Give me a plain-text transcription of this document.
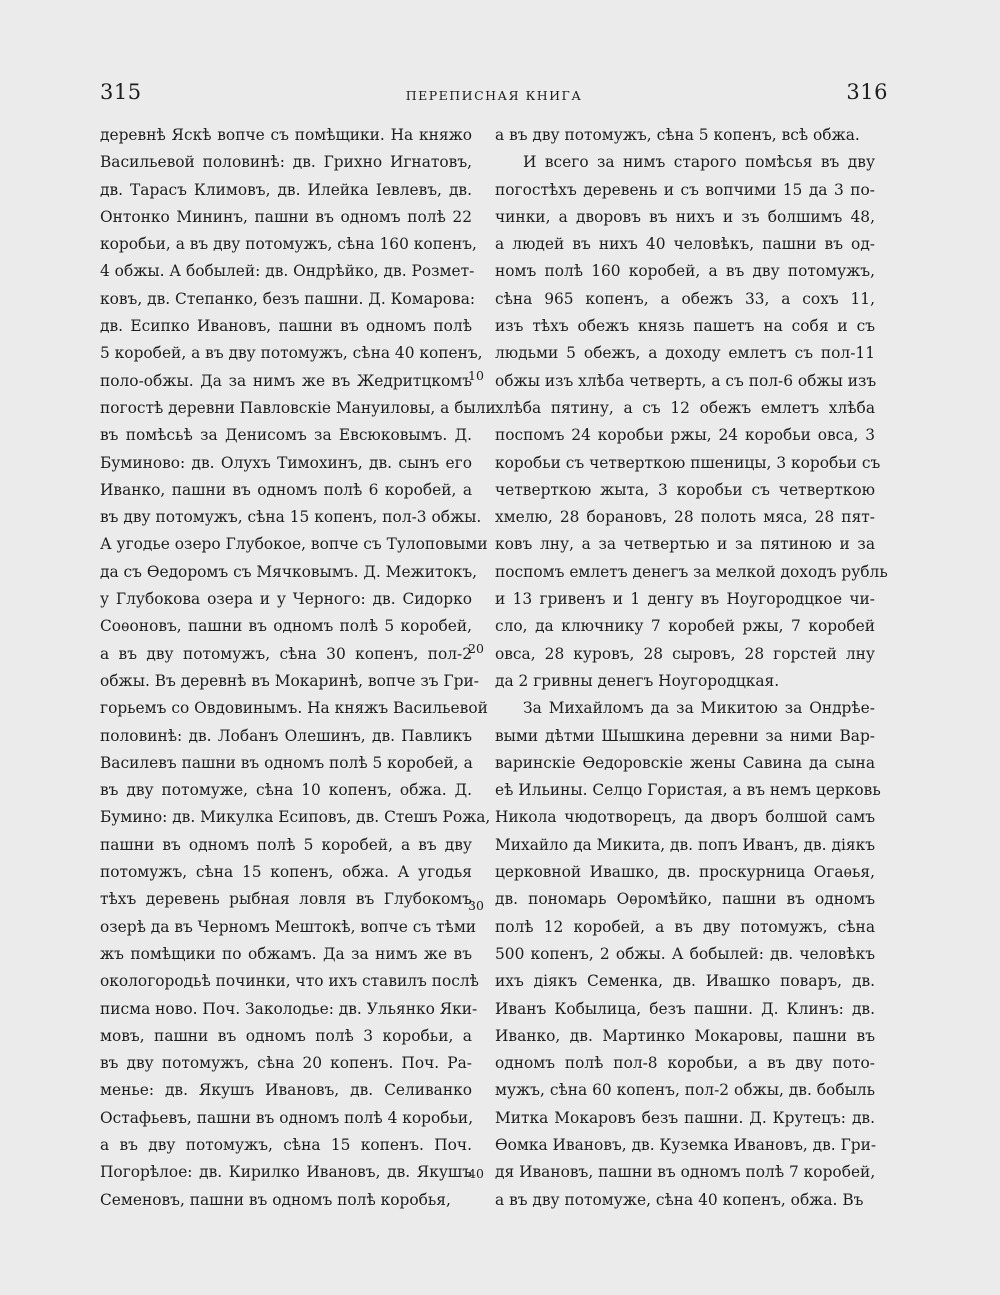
315	ПЕРЕПИСНАЯ КНИГА	316
деревнѣ Яскѣ вопче съ помѣщики. На княжо
Васильевой половинѣ: дв. Грихно Игнатовъ,
дв. Тарасъ Климовъ, дв. Илейка Іевлевъ, дв.
Онтонко Мининъ, пашни въ одномъ полѣ 22
коробьи, а въ дву потомужъ, сѣна 160 копенъ,
4 обжы. А бобылей: дв. Ондрѣйко, дв. Розмет-
ковъ, дв. Степанко, безъ пашни. Д. Комарова:
дв. Есипко Ивановъ, пашни въ одномъ полѣ
5 коробей, а въ дву потомужъ, сѣна 40 копенъ,
поло-обжы. Да за нимъ же въ Жедритцкомъ
погостѣ деревни Павловскіе Мануиловы, а были
въ помѣсьѣ за Денисомъ за Евсюковымъ. Д.
Буминово: дв. Олухъ Тимохинъ, дв. сынъ его
Иванко, пашни въ одномъ полѣ 6 коробей, а
въ дву потомужъ, сѣна 15 копенъ, пол-3 обжы.
А угодье озеро Глубокое, вопче съ Тулоповыми
да съ Ѳедоромъ съ Мячковымъ. Д. Межитокъ,
у Глубокова озера и у Черного: дв. Сидорко
Соѳоновъ, пашни въ одномъ полѣ 5 коробей,
а въ дву потомужъ, сѣна 30 копенъ, пол-2
обжы. Въ деревнѣ въ Мокаринѣ, вопче зъ Гри-
горьемъ со Овдовинымъ. На княжъ Васильевой
половинѣ: дв. Лобанъ Олешинъ, дв. Павликъ
Василевъ пашни въ одномъ полѣ 5 коробей, а
въ дву потомуже, сѣна 10 копенъ, обжа. Д.
Бумино: дв. Микулка Есиповъ, дв. Стешъ Рожа,
пашни въ одномъ полѣ 5 коробей, а въ дву
потомужъ, сѣна 15 копенъ, обжа. А угодья
тѣхъ деревень рыбная ловля въ Глубокомъ
озерѣ да въ Черномъ Мештокѣ, вопче съ тѣми
жъ помѣщики по обжамъ. Да за нимъ же въ
окологородьѣ починки, что ихъ ставилъ послѣ
писма ново. Поч. Заколодье: дв. Ульянко Яки-
мовъ, пашни въ одномъ полѣ 3 коробьи, а
въ дву потомужъ, сѣна 20 копенъ. Поч. Ра-
менье: дв. Якушъ Ивановъ, дв. Селиванко
Остафьевъ, пашни въ одномъ полѣ 4 коробьи,
а въ дву потомужъ, сѣна 15 копенъ. Поч.
Погорѣлое: дв. Кирилко Ивановъ, дв. Якушъ
Семеновъ, пашни въ одномъ полѣ коробья,
а въ дву потомужъ, сѣна 5 копенъ, всѣ обжа.
И всего за нимъ старого помѣсья въ дву
погостѣхъ деревень и съ вопчими 15 да 3 по-
чинки, а дворовъ въ нихъ и зъ болшимъ 48,
а людей въ нихъ 40 человѣкъ, пашни въ од-
номъ полѣ 160 коробей, а въ дву потомужъ,
сѣна 965 копенъ, а обежъ 33, а сохъ 11,
изъ тѣхъ обежъ князь пашетъ на собя и съ
людьми 5 обежъ, а доходу емлетъ съ пол-11
обжы изъ хлѣба четверть, а съ пол-6 обжы изъ
хлѣба пятину, а съ 12 обежъ емлетъ хлѣба
поспомъ 24 коробьи ржы, 24 коробьи овса, 3
коробьи съ четверткою пшеницы, 3 коробьи съ
четверткою жыта, 3 коробьи съ четверткою
хмелю, 28 борановъ, 28 полоть мяса, 28 пят-
ковъ лну, а за четвертью и за пятиною и за
поспомъ емлетъ денегъ за мелкой доходъ рубль
и 13 гривенъ и 1 денгу въ Ноугородцкое чи-
сло, да ключнику 7 коробей ржы, 7 коробей
овса, 28 куровъ, 28 сыровъ, 28 горстей лну
да 2 гривны денегъ Ноугородцкая.
За Михайломъ да за Микитою за Ондрѣе-
выми дѣтми Шышкина деревни за ними Вар-
варинскіе Ѳедоровскіе жены Савина да сына
еѣ Ильины. Селцо Гористая, а въ немъ церковь
Никола чюдотворецъ, да дворъ болшой самъ
Михайло да Микита, дв. попъ Иванъ, дв. дiякъ
церковной Ивашко, дв. проскурница Огаѳья,
дв. пономарь Оѳромѣйко, пашни въ одномъ
полѣ 12 коробей, а въ дву потомужъ, сѣна
500 копенъ, 2 обжы. А бобылей: дв. человѣкъ
ихъ дiякъ Семенка, дв. Ивашко поваръ, дв.
Иванъ Кобылица, безъ пашни. Д. Клинъ: дв.
Иванко, дв. Мартинко Мокаровы, пашни въ
одномъ полѣ пол-8 коробьи, а въ дву пото-
мужъ, сѣна 60 копенъ, пол-2 обжы, дв. бобыль
Митка Мокаровъ безъ пашни. Д. Крутецъ: дв.
Ѳомка Ивановъ, дв. Куземка Ивановъ, дв. Гри-
дя Ивановъ, пашни въ одномъ полѣ 7 коробей,
а въ дву потомуже, сѣна 40 копенъ, обжа. Въ
10
20
30
40
